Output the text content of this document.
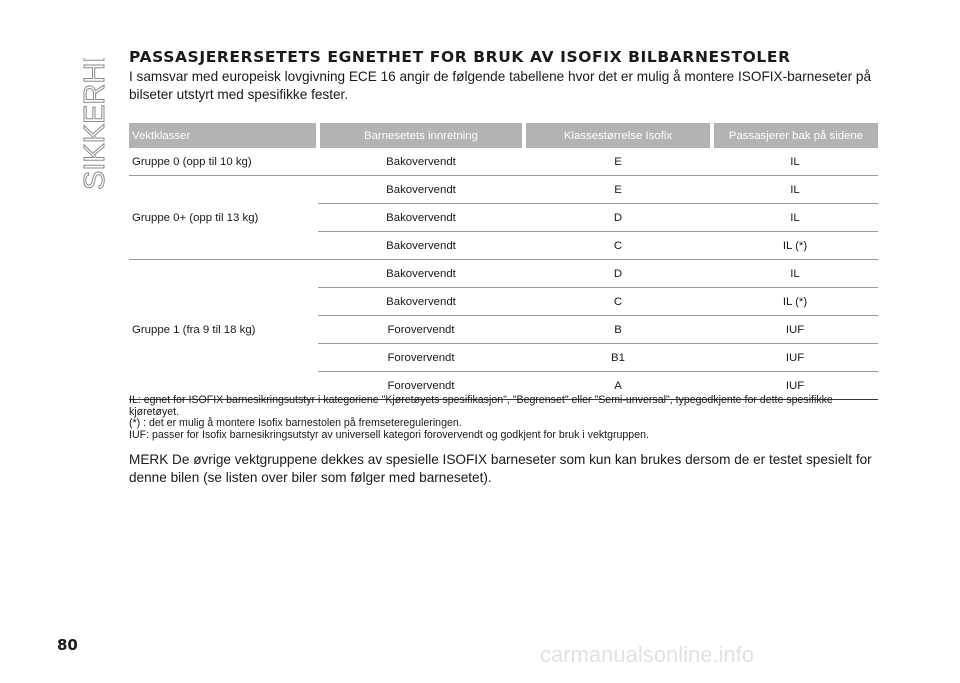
SIKKERHET PASSASJERERSETETS EGNETHET FOR BRUK AV ISOFIX BILBARNESTOLER

I samsvar med europeisk lovgivning ECE 16 angir de følgende tabellene hvor det er mulig å montere ISOFIX-barneseter på bilseter utstyrt med spesifikke fester.

Vektklasser	Barnesetets innretning	Klassestørrelse Isofix	Passasjerer bak på sidene
Gruppe 0 (opp til 10 kg)	Bakovervendt	E	IL
Gruppe 0+ (opp til 13 kg)	Bakovervendt	E	IL
	Bakovervendt	D	IL
	Bakovervendt	C	IL (*)
Gruppe 1 (fra 9 til 18 kg)	Bakovervendt	D	IL
	Bakovervendt	C	IL (*)
	Forovervendt	B	IUF
	Forovervendt	B1	IUF
	Forovervendt	A	IUF

IL: egnet for ISOFIX barnesikringsutstyr i kategoriene "Kjøretøyets spesifikasjon", "Begrenset" eller "Semi-unversal", typegodkjente for dette spesifikke kjøretøyet.

(*) : det er mulig å montere Isofix barnestolen på fremsetereguleringen.

IUF: passer for Isofix barnesikringsutstyr av universell kategori forovervendt og godkjent for bruk i vektgruppen.

MERK De øvrige vektgruppene dekkes av spesielle ISOFIX barneseter som kun kan brukes dersom de er testet spesielt for denne bilen (se listen over biler som følger med barnesetet).

80	carmanualsonline.info
